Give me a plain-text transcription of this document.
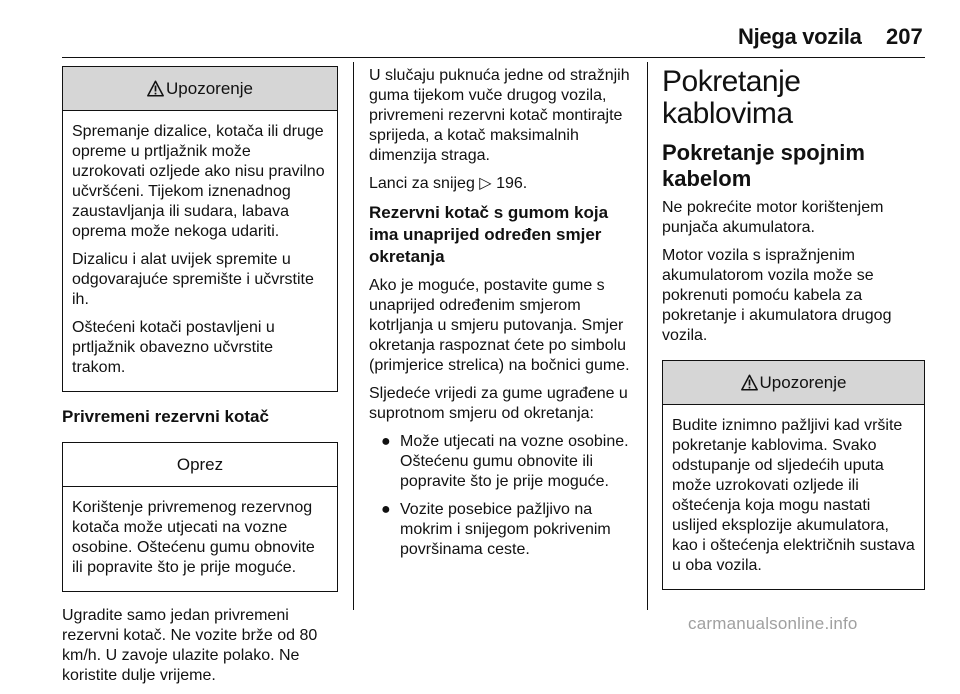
Njega vozila 207
Upozorenje

Spremanje dizalice, kotača ili druge opreme u prtljažnik može uzrokovati ozljede ako nisu pravilno učvršćeni. Tijekom iznenadnog zaustavljanja ili sudara, labava oprema može nekoga udariti.

Dizalicu i alat uvijek spremite u odgovarajuće spremište i učvrstite ih.

Oštećeni kotači postavljeni u prtljažnik obavezno učvrstite trakom.

Privremeni rezervni kotač

Oprez

Korištenje privremenog rezervnog kotača može utjecati na vozne osobine. Oštećenu gumu obnovite ili popravite što je prije moguće.

Ugradite samo jedan privremeni rezervni kotač. Ne vozite brže od 80 km/h. U zavoje ulazite polako. Ne koristite dulje vrijeme.

U slučaju puknuća jedne od stražnjih guma tijekom vuče drugog vozila, privremeni rezervni kotač montirajte sprijeda, a kotač maksimalnih dimenzija straga.

Lanci za snijeg ▷ 196.

Rezervni kotač s gumom koja ima unaprijed određen smjer okretanja

Ako je moguće, postavite gume s unaprijed određenim smjerom kotrljanja u smjeru putovanja. Smjer okretanja raspoznat ćete po simbolu (primjerice strelica) na bočnici gume.

Sljedeće vrijedi za gume ugrađene u suprotnom smjeru od okretanja:

● Može utjecati na vozne osobine. Oštećenu gumu obnovite ili popravite što je prije moguće.
● Vozite posebice pažljivo na mokrim i snijegom pokrivenim površinama ceste.
Pokretanje kablovima
Pokretanje spojnim kabelom

Ne pokrećite motor korištenjem punjača akumulatora.

Motor vozila s ispražnjenim akumulatorom vozila može se pokrenuti pomoću kabela za pokretanje i akumulatora drugog vozila.

Upozorenje

Budite iznimno pažljivi kad vršite pokretanje kablovima. Svako odstupanje od sljedećih uputa može uzrokovati ozljede ili oštećenja koja mogu nastati uslijed eksplozije akumulatora, kao i oštećenja električnih sustava u oba vozila.

carmanualsonline.info
